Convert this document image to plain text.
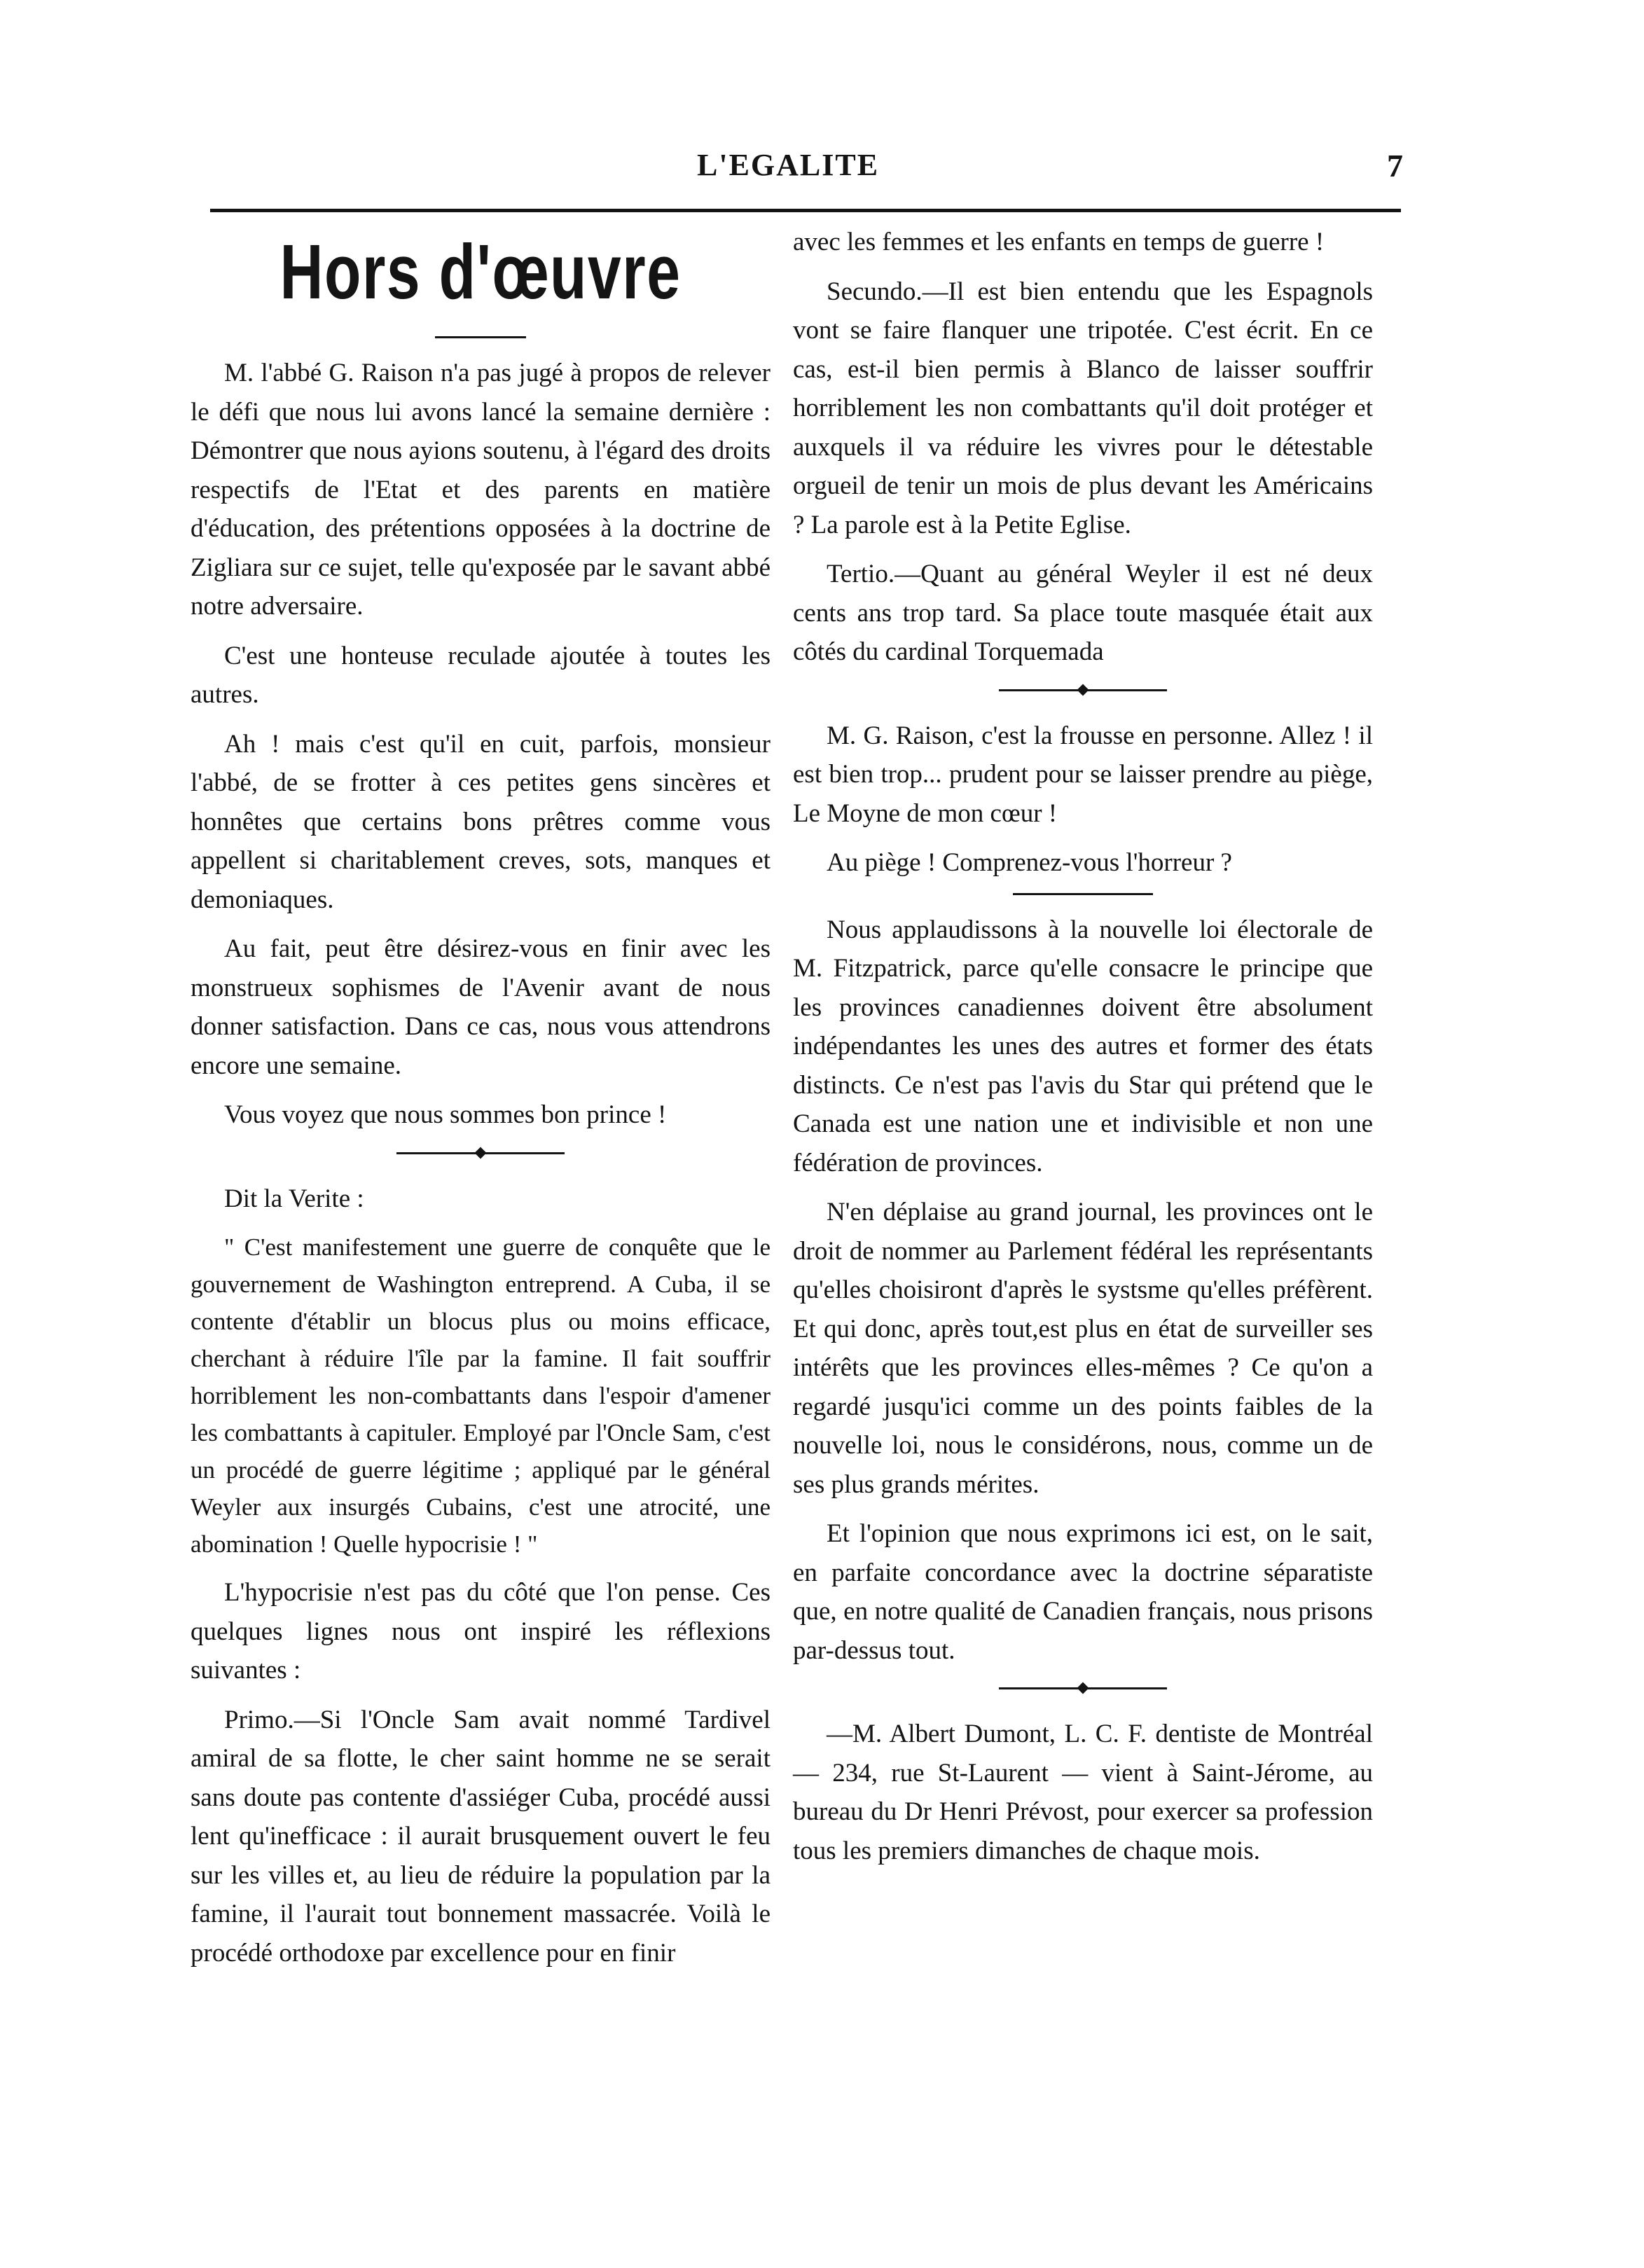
L'EGALITE	7
Hors d'œuvre

M. l'abbé G. Raison n'a pas jugé à propos de relever le défi que nous lui avons lancé la semaine dernière : Démontrer que nous ayions soutenu, à l'égard des droits respectifs de l'Etat et des parents en matière d'éducation, des prétentions opposées à la doctrine de Zigliara sur ce sujet, telle qu'exposée par le savant abbé notre adversaire.

C'est une honteuse reculade ajoutée à toutes les autres.

Ah ! mais c'est qu'il en cuit, parfois, monsieur l'abbé, de se frotter à ces petites gens sincères et honnêtes que certains bons prêtres comme vous appellent si charitablement creves, sots, manques et demoniaques.

Au fait, peut être désirez-vous en finir avec les monstrueux sophismes de l'Avenir avant de nous donner satisfaction. Dans ce cas, nous vous attendrons encore une semaine.

Vous voyez que nous sommes bon prince !

Dit la Verite :

" C'est manifestement une guerre de conquête que le gouvernement de Washington entreprend. A Cuba, il se contente d'établir un blocus plus ou moins efficace, cherchant à réduire l'île par la famine. Il fait souffrir horriblement les non-combattants dans l'espoir d'amener les combattants à capituler. Employé par l'Oncle Sam, c'est un procédé de guerre légitime ; appliqué par le général Weyler aux insurgés Cubains, c'est une atrocité, une abomination ! Quelle hypocrisie ! "

L'hypocrisie n'est pas du côté que l'on pense. Ces quelques lignes nous ont inspiré les réflexions suivantes :

Primo.—Si l'Oncle Sam avait nommé Tardivel amiral de sa flotte, le cher saint homme ne se serait sans doute pas contente d'assiéger Cuba, procédé aussi lent qu'inefficace : il aurait brusquement ouvert le feu sur les villes et, au lieu de réduire la population par la famine, il l'aurait tout bonnement massacrée. Voilà le procédé orthodoxe par excellence pour en finir

avec les femmes et les enfants en temps de guerre !

Secundo.—Il est bien entendu que les Espagnols vont se faire flanquer une tripotée. C'est écrit. En ce cas, est-il bien permis à Blanco de laisser souffrir horriblement les non combattants qu'il doit protéger et auxquels il va réduire les vivres pour le détestable orgueil de tenir un mois de plus devant les Américains ? La parole est à la Petite Eglise.

Tertio.—Quant au général Weyler il est né deux cents ans trop tard. Sa place toute masquée était aux côtés du cardinal Torquemada

M. G. Raison, c'est la frousse en personne. Allez ! il est bien trop... prudent pour se laisser prendre au piège, Le Moyne de mon cœur !

Au piège ! Comprenez-vous l'horreur ?

Nous applaudissons à la nouvelle loi électorale de M. Fitzpatrick, parce qu'elle consacre le principe que les provinces canadiennes doivent être absolument indépendantes les unes des autres et former des états distincts. Ce n'est pas l'avis du Star qui prétend que le Canada est une nation une et indivisible et non une fédération de provinces.

N'en déplaise au grand journal, les provinces ont le droit de nommer au Parlement fédéral les représentants qu'elles choisiront d'après le systsme qu'elles préfèrent. Et qui donc, après tout,est plus en état de surveiller ses intérêts que les provinces elles-mêmes ? Ce qu'on a regardé jusqu'ici comme un des points faibles de la nouvelle loi, nous le considérons, nous, comme un de ses plus grands mérites.

Et l'opinion que nous exprimons ici est, on le sait, en parfaite concordance avec la doctrine séparatiste que, en notre qualité de Canadien français, nous prisons par-dessus tout.

—M. Albert Dumont, L. C. F. dentiste de Montréal — 234, rue St-Laurent — vient à Saint-Jérome, au bureau du Dr Henri Prévost, pour exercer sa profession tous les premiers dimanches de chaque mois.
